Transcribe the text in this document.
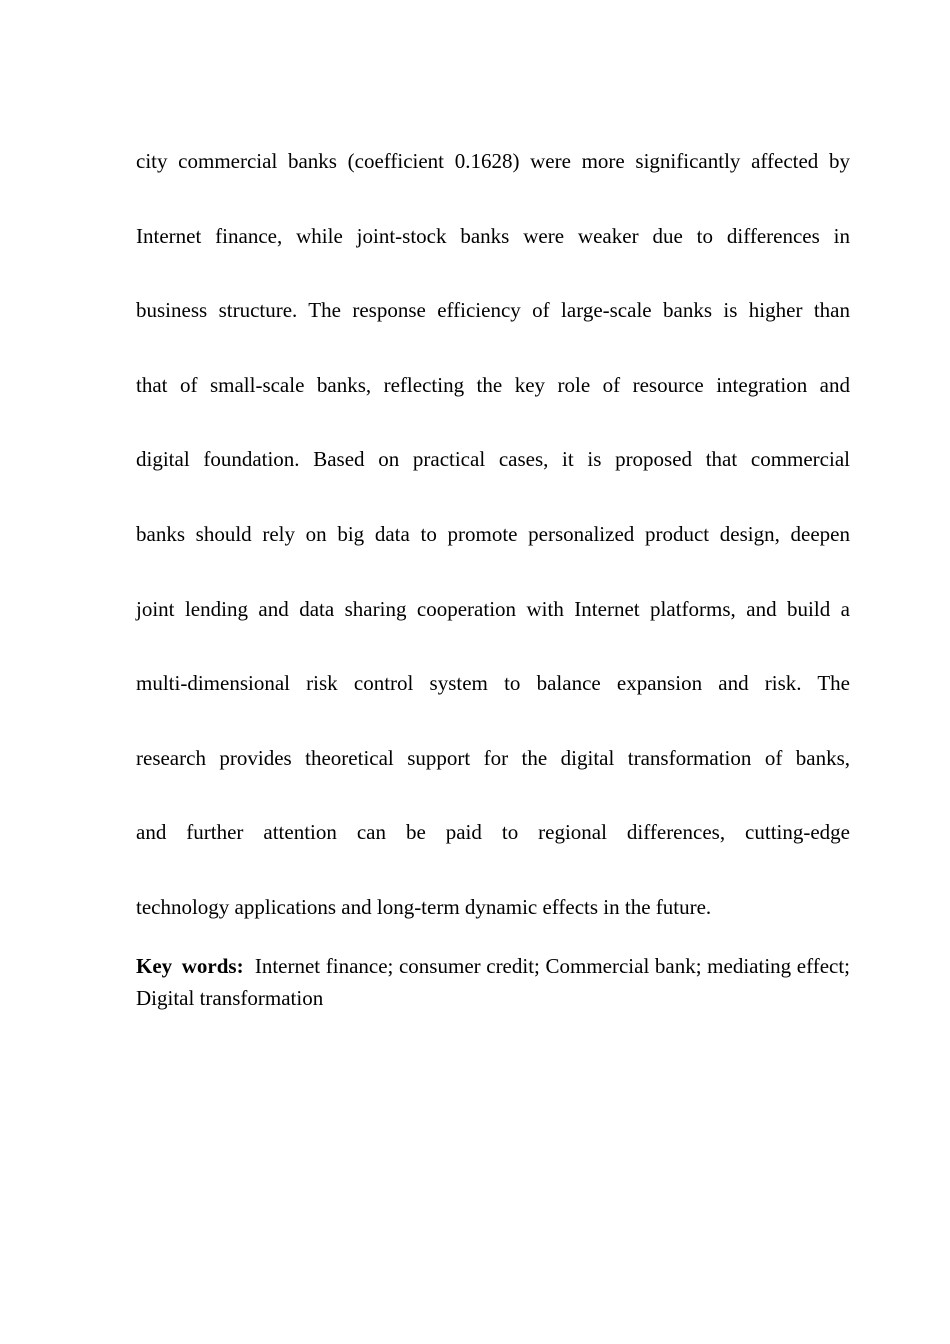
city commercial banks (coefficient 0.1628) were more significantly affected by
Internet finance, while joint-stock banks were weaker due to differences in
business structure. The response efficiency of large-scale banks is higher than
that of small-scale banks, reflecting the key role of resource integration and
digital foundation. Based on practical cases, it is proposed that commercial
banks should rely on big data to promote personalized product design, deepen
joint lending and data sharing cooperation with Internet platforms, and build a
multi-dimensional risk control system to balance expansion and risk. The
research provides theoretical support for the digital transformation of banks,
and further attention can be paid to regional differences, cutting-edge
technology applications and long-term dynamic effects in the future.

Key words: Internet finance; consumer credit; Commercial bank; mediating effect; Digital transformation
